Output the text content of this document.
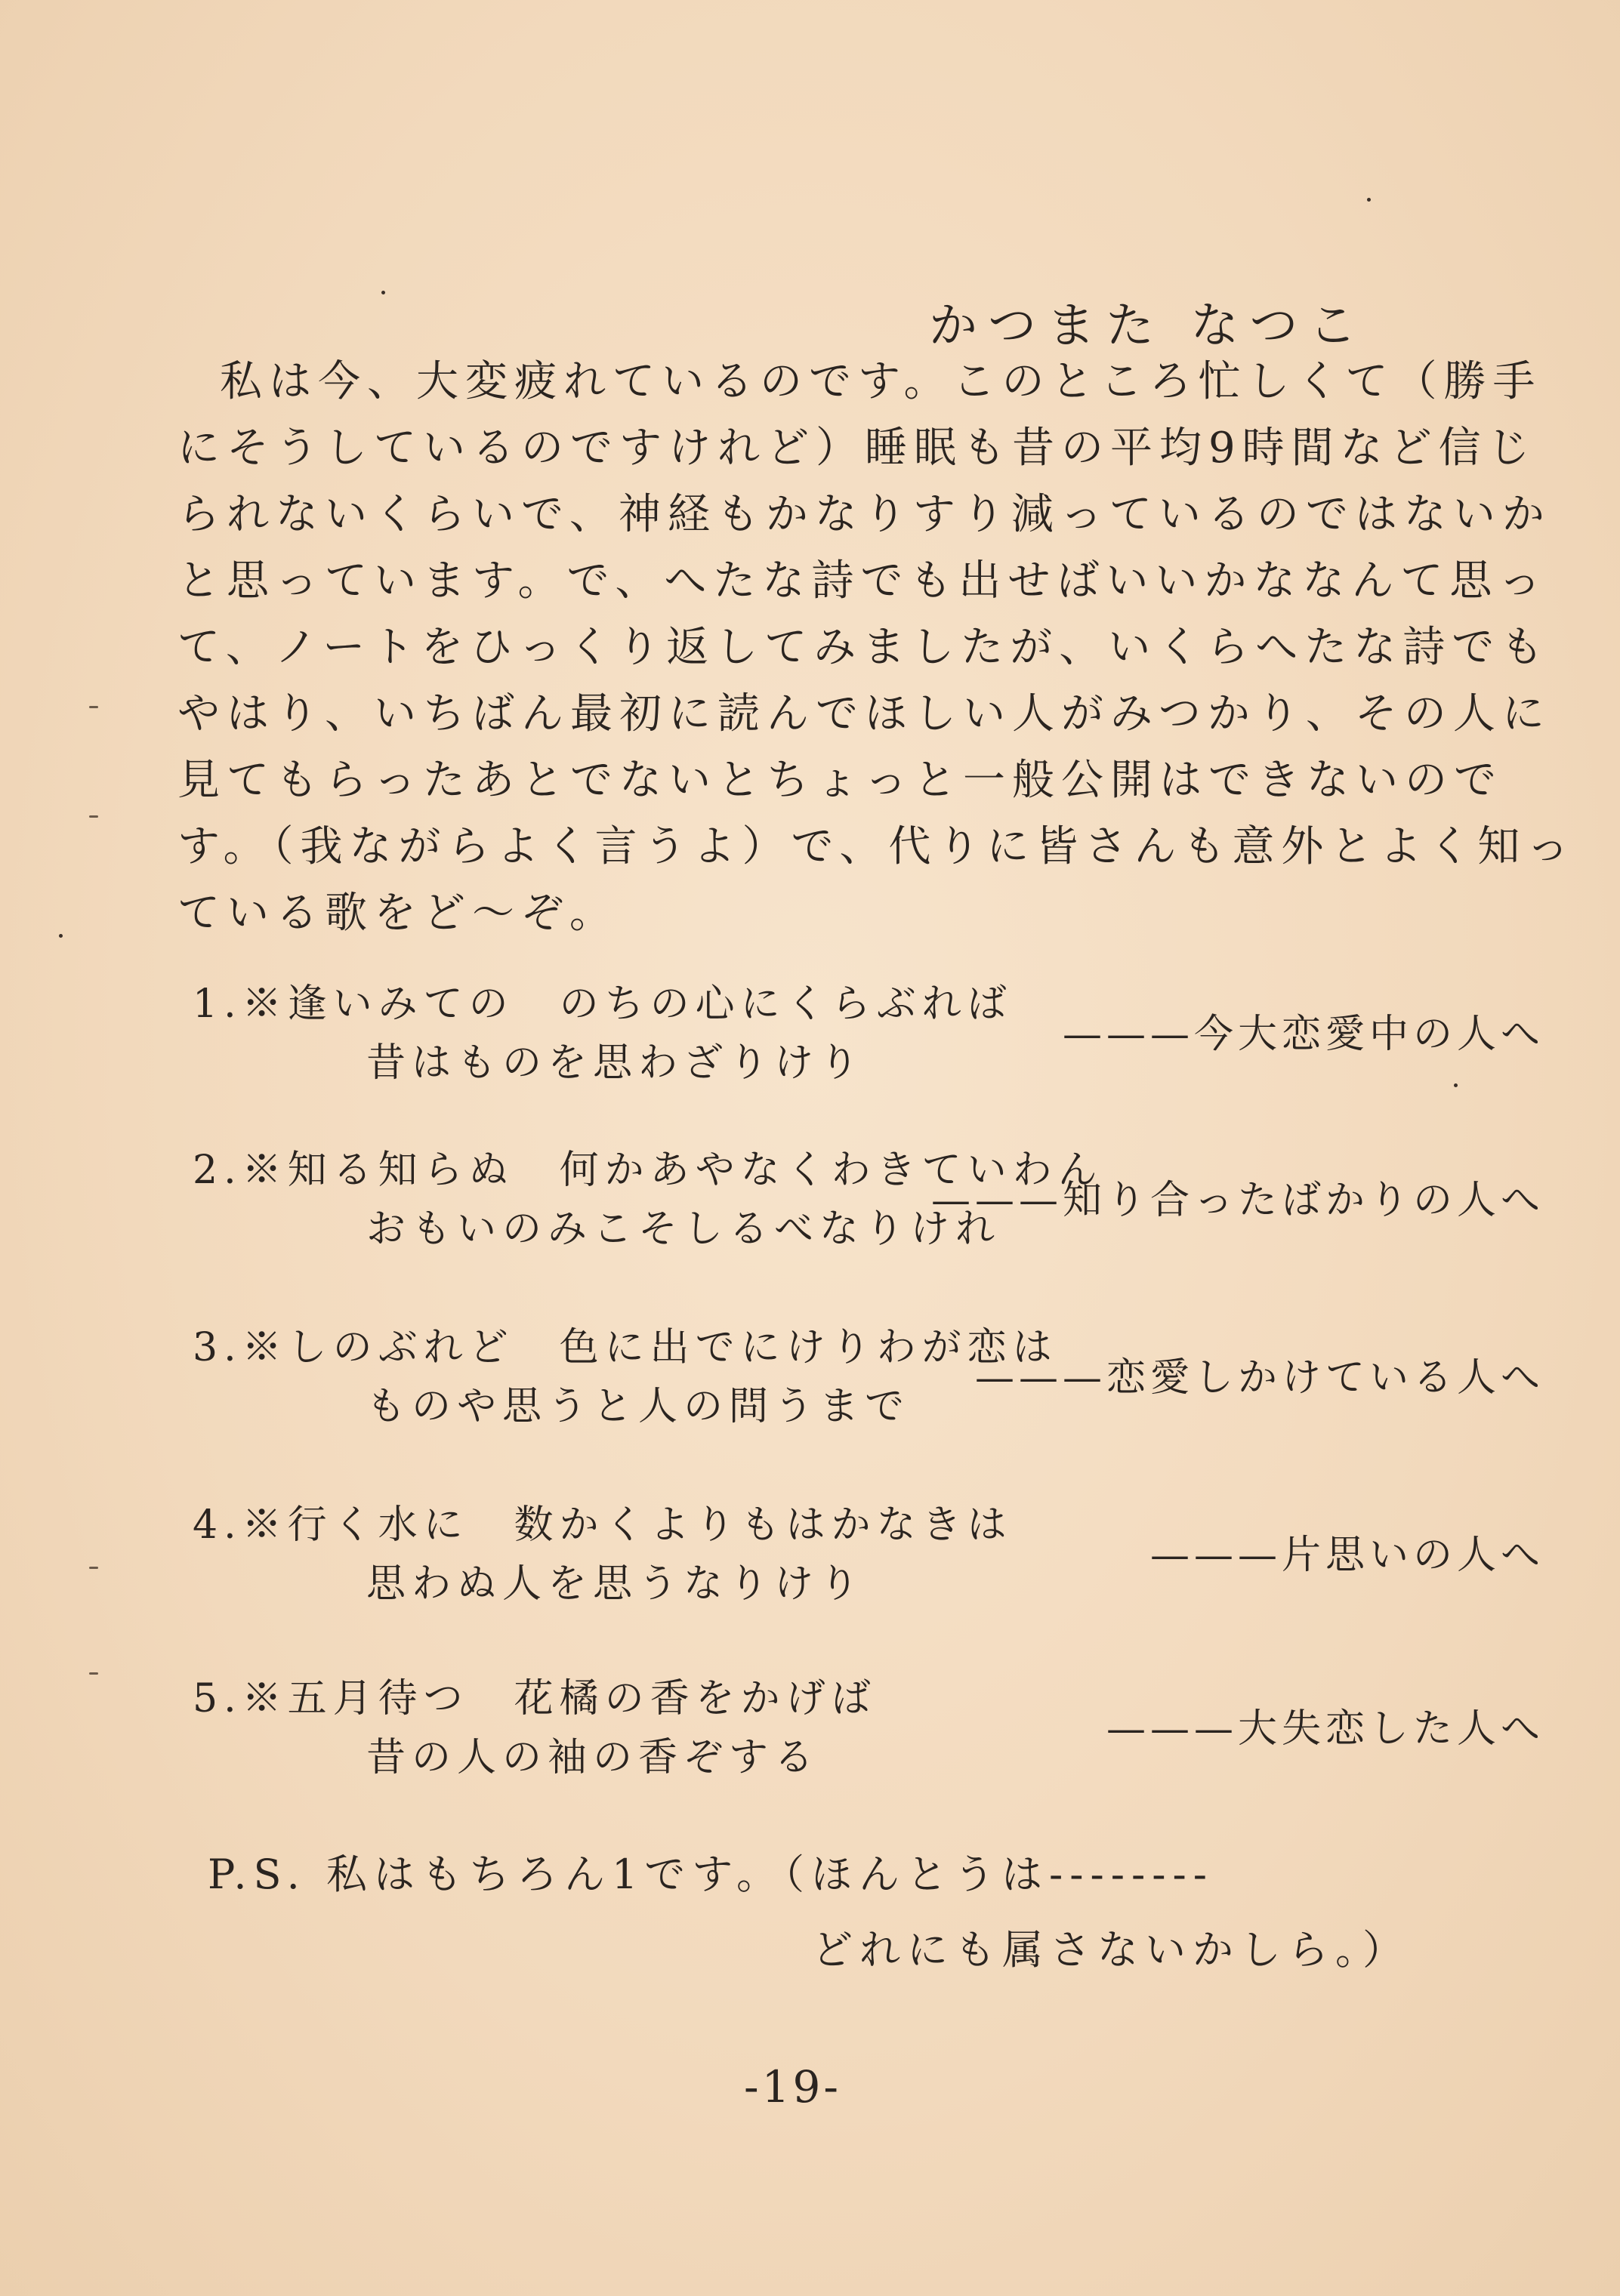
かつまた なつこ

私は今、大変疲れているのです。このところ忙しくて（勝手にそうしているのですけれど）睡眠も昔の平均9時間など信じられないくらいで、神経もかなりすり減っているのではないかと思っています。で、へたな詩でも出せばいいかななんて思って、ノートをひっくり返してみましたが、いくらへたな詩でもやはり、いちばん最初に読んでほしい人がみつかり、その人に見てもらったあとでないとちょっと一般公開はできないのです。（我ながらよく言うよ）で、代りに皆さんも意外とよく知っている歌をど〜ぞ。

1.※逢いみての　のちの心にくらぶれば
昔はものを思わざりけり
———今大恋愛中の人へ
2.※知る知らぬ　何かあやなくわきていわん
おもいのみこそしるべなりけれ
———知り合ったばかりの人へ
3.※しのぶれど　色に出でにけりわが恋は
ものや思うと人の問うまで
———恋愛しかけている人へ
4.※行く水に　数かくよりもはかなきは
思わぬ人を思うなりけり
———片思いの人へ
5.※五月待つ　花橘の香をかげば
昔の人の袖の香ぞする
———大失恋した人へ
P.S. 私はもちろん1です。（ほんとうは--------
どれにも属さないかしら。）
-19-
